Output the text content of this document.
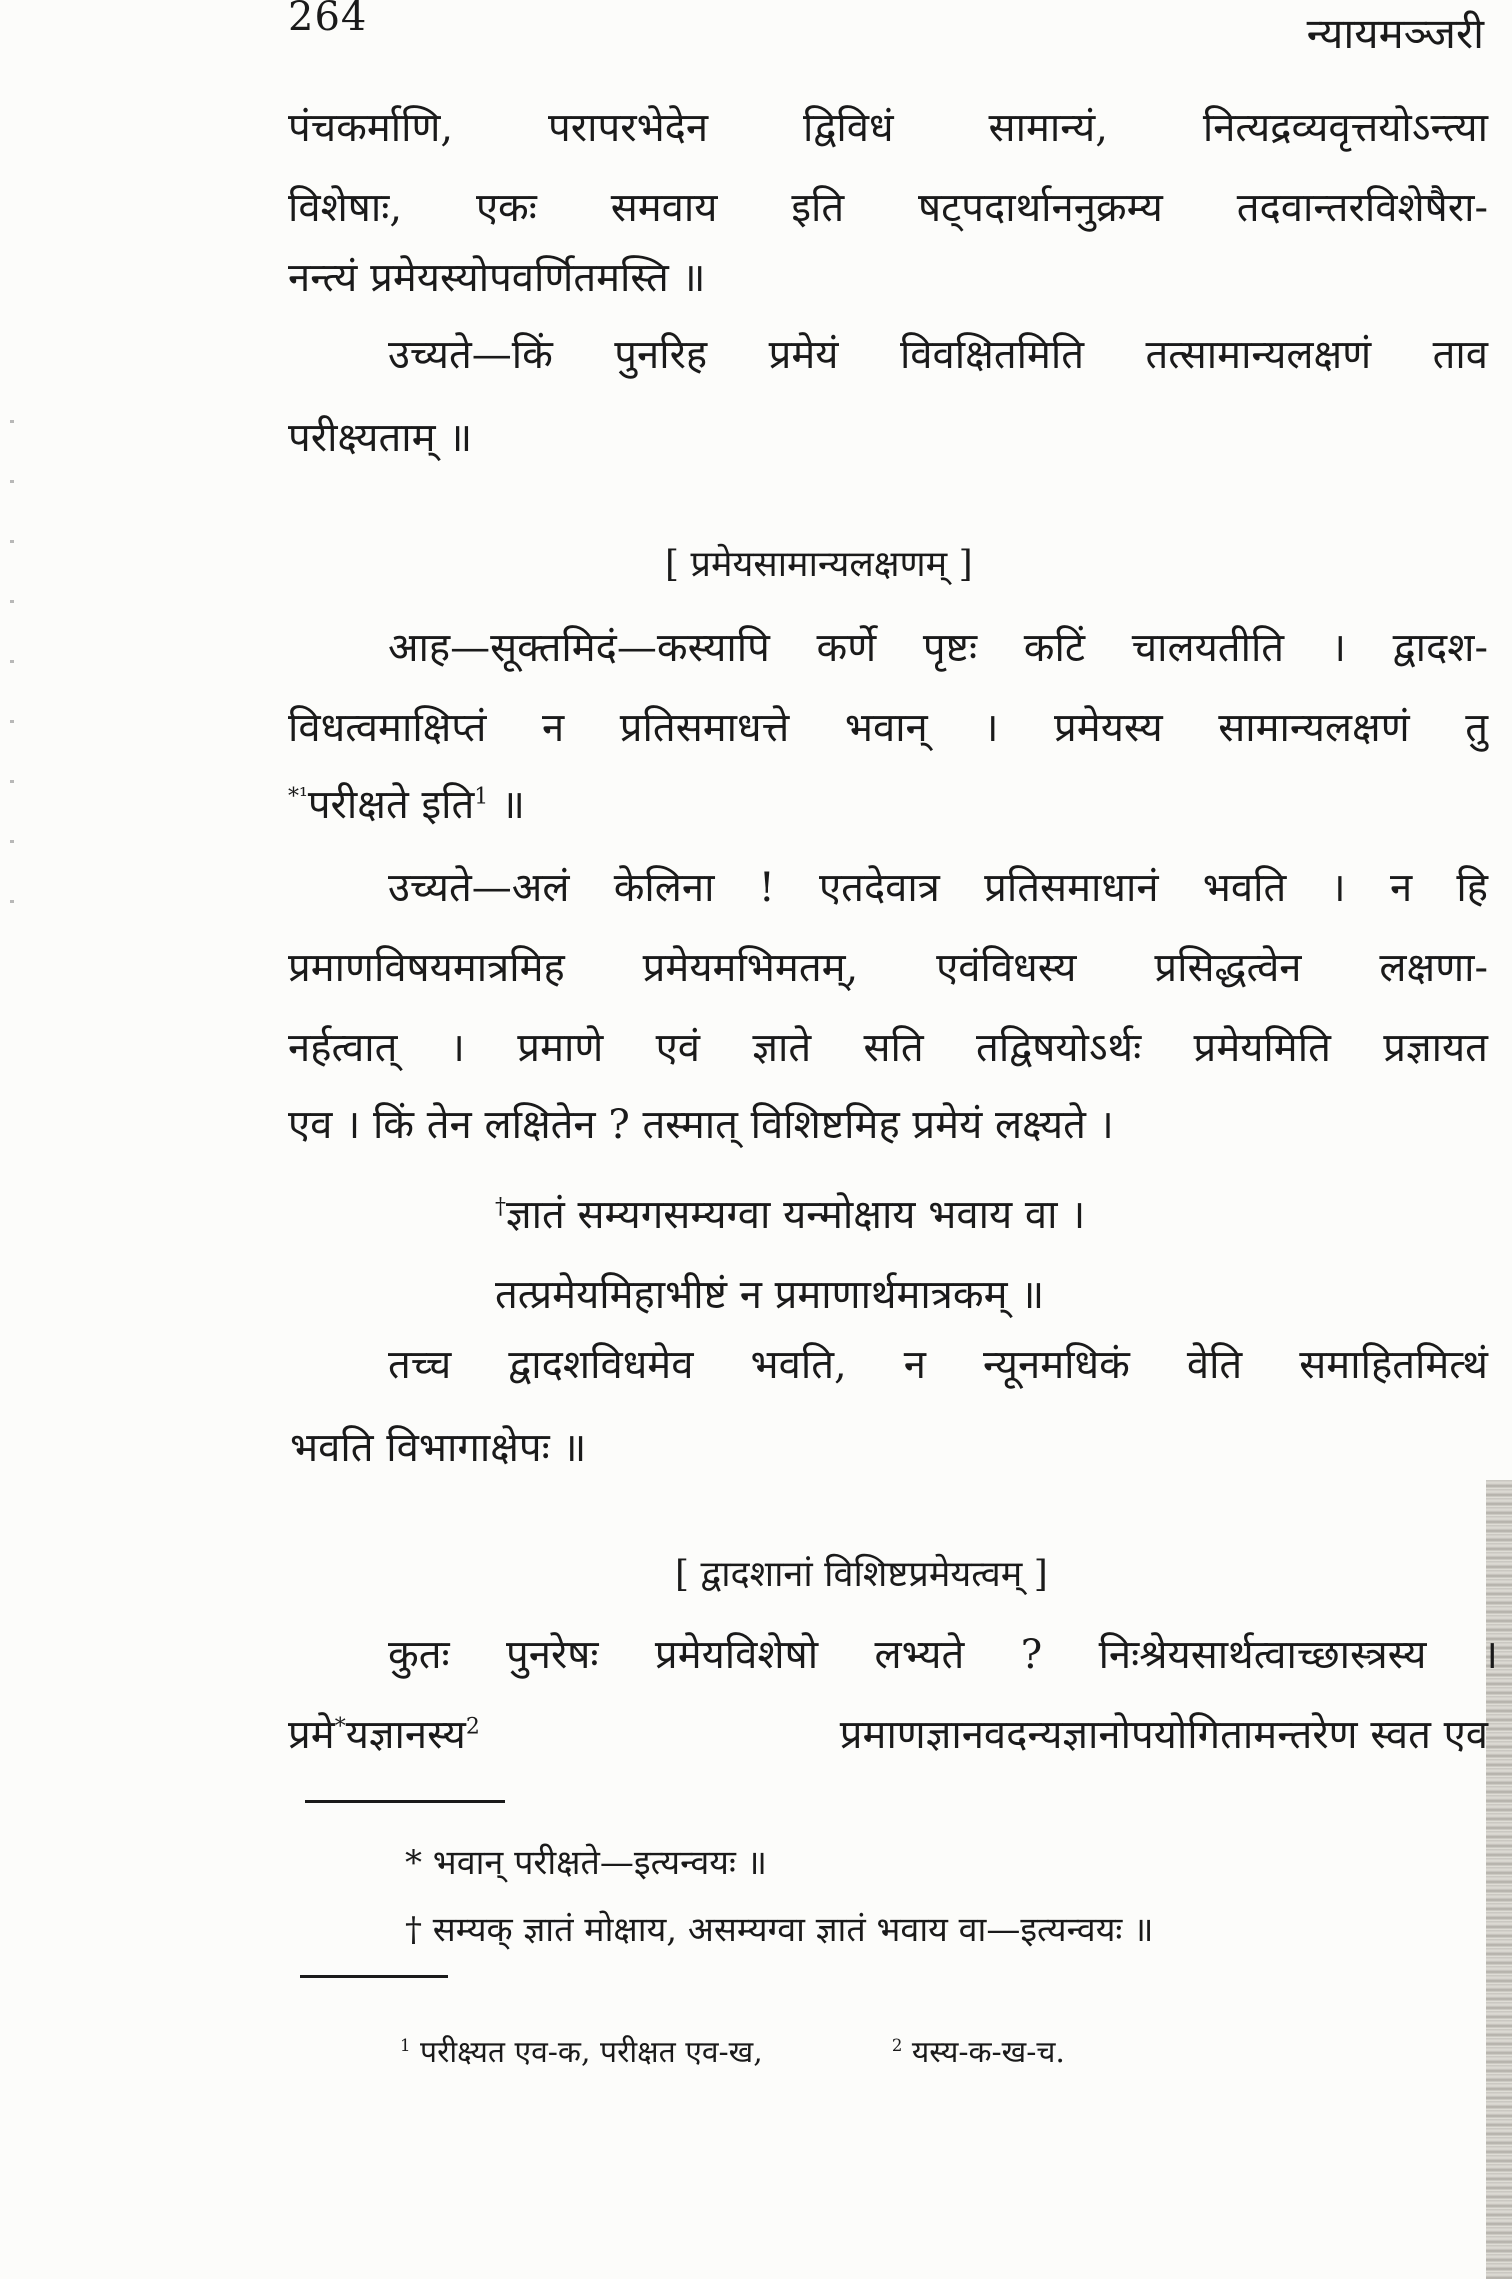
264	न्यायमञ्जरी
पंचकर्माणि, परापरभेदेन द्विविधं सामान्यं, नित्यद्रव्यवृत्तयोऽन्त्या
विशेषाः, एकः समवाय इति षट्पदार्थाननुक्रम्य तदवान्तरविशेषैरा-
नन्त्यं प्रमेयस्योपवर्णितमस्ति ॥
उच्यते—किं पुनरिह प्रमेयं विवक्षितमिति तत्सामान्यलक्षणं ताव
परीक्ष्यताम् ॥
[ प्रमेयसामान्यलक्षणम् ]
आह—सूक्तमिदं—कस्यापि कर्णे पृष्टः कटिं चालयतीति । द्वादश-
विधत्वमाक्षिप्तं न प्रतिसमाधत्ते भवान् । प्रमेयस्य सामान्यलक्षणं तु
$^{*^1}$परीक्षते इति$^1$ ॥
उच्यते—अलं केलिना ! एतदेवात्र प्रतिसमाधानं भवति । न हि
प्रमाणविषयमात्रमिह प्रमेयमभिमतम्, एवंविधस्य प्रसिद्धत्वेन लक्षणा-
नर्हत्वात् । प्रमाणे एवं ज्ञाते सति तद्विषयोऽर्थः प्रमेयमिति प्रज्ञायत
एव । किं तेन लक्षितेन ? तस्मात् विशिष्टमिह प्रमेयं लक्ष्यते ।
†ज्ञातं सम्यगसम्यग्वा यन्मोक्षाय भवाय वा ।
तत्प्रमेयमिहाभीष्टं न प्रमाणार्थमात्रकम् ॥
तच्च द्वादशविधमेव भवति, न न्यूनमधिकं वेति समाहितमित्थं
भवति विभागाक्षेपः ॥
[ द्वादशानां विशिष्टप्रमेयत्वम् ]
कुतः पुनरेषः प्रमेयविशेषो लभ्यते ? निःश्रेयसार्थत्वाच्छास्त्रस्य ।
प्रमे*यज्ञानस्य$^2$	प्रमाणज्ञानवदन्यज्ञानोपयोगितामन्तरेण स्वत एव
* भवान् परीक्षते—इत्यन्वयः ॥
† सम्यक् ज्ञातं मोक्षाय, असम्यग्वा ज्ञातं भवाय वा—इत्यन्वयः ॥
$^1$ परीक्ष्यत एव-क, परीक्षत एव-ख,	$^2$ यस्य-क-ख-च.
